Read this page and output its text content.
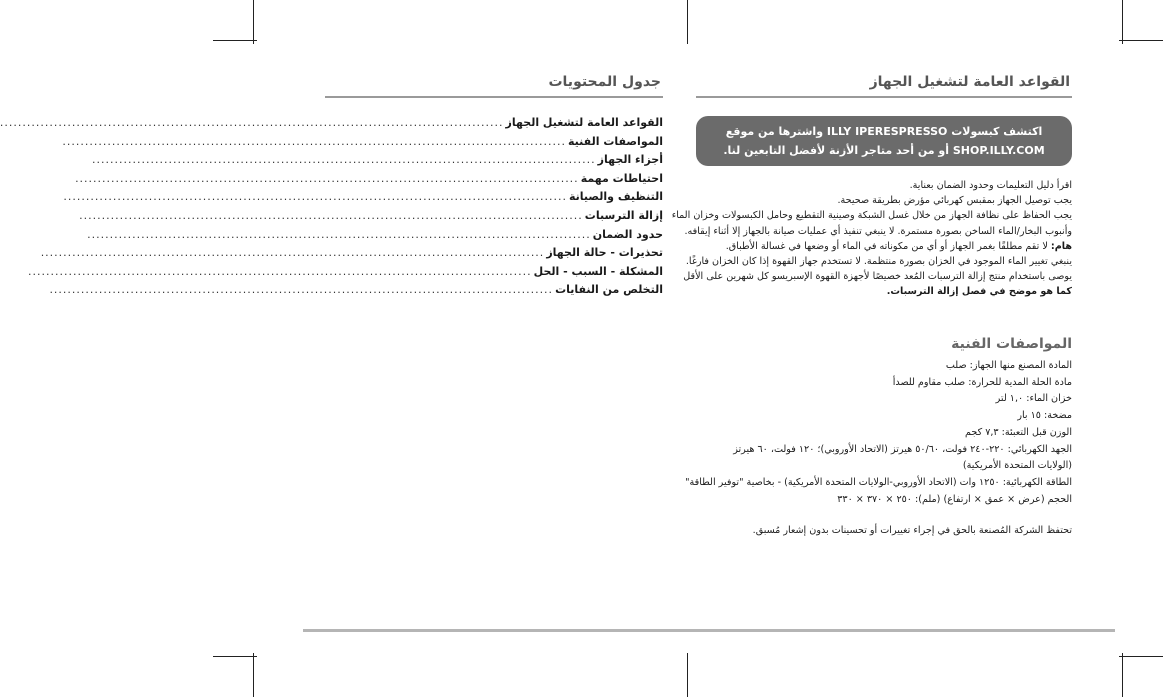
جدول المحتويات
القواعد العامة لتشغيل الجهاز
................................................................................................................
المواصفات الفنية
................................................................................................................
أجزاء الجهاز
................................................................................................................
احتياطات مهمة
................................................................................................................
التنظيف والصيانة
................................................................................................................
إزالة الترسبات
................................................................................................................
حدود الضمان
................................................................................................................
تحذيرات - حالة الجهاز
................................................................................................................
المشكلة - السبب - الحل
................................................................................................................
التخلص من النفايات
................................................................................................................
القواعد العامة لتشغيل الجهاز

اكتشف كبسولات ILLY IPERESPRESSO واشترها من موقع

SHOP.ILLY.COM أو من أحد متاجر الأزنة لأفضل التابعين لنا.

اقرأ دليل التعليمات وحدود الضمان بعناية.

يجب توصيل الجهاز بمقبس كهربائي مؤرض بطريقة صحيحة.

يجب الحفاظ على نظافة الجهاز من خلال غسل الشبكة وصينية التقطيع وحامل الكبسولات وخزان الماء

وأنبوب البخار/الماء الساخن بصورة مستمرة. لا ينبغي تنفيذ أي عمليات صيانة بالجهاز إلا أثناء إيقافه.

هام: لا تقم مطلقًا بغمر الجهاز أو أي من مكوناته في الماء أو وضعها في غسالة الأطباق.

ينبغي تغيير الماء الموجود في الخزان بصورة منتظمة. لا تستخدم جهاز القهوة إذا كان الخزان فارغًا.

يوصى باستخدام منتج إزالة الترسبات المُعد خصيصًا لأجهزة القهوة الإسبريسو كل شهرين على الأقل

كما هو موضح في فصل إزالة الترسبات.

المواصفات الفنية

المادة المصنع منها الجهاز: صلب

مادة الحلة المدية للحرارة: صلب مقاوم للصدأ

خزان الماء: ١,٠ لتر

مضخة: ١٥ بار

الوزن قبل التعبئة: ٧,٣ كجم

الجهد الكهربائي: ٢٢٠-٢٤٠ فولت، ٥٠/٦٠ هيرتز (الاتحاد الأوروبي)؛ ١٢٠ فولت، ٦٠ هيرتز

(الولايات المتحدة الأمريكية)

الطاقة الكهربائية: ١٢٥٠ وات (الاتحاد الأوروبي-الولايات المتحدة الأمريكية) - بخاصية "توفير الطاقة"

الحجم (عرض × عمق × ارتفاع) (ملم): ٢٥٠ × ٣٧٠ × ٣٣٠

تحتفظ الشركة المُصنعة بالحق في إجراء تغييرات أو تحسينات بدون إشعار مُسبق.
